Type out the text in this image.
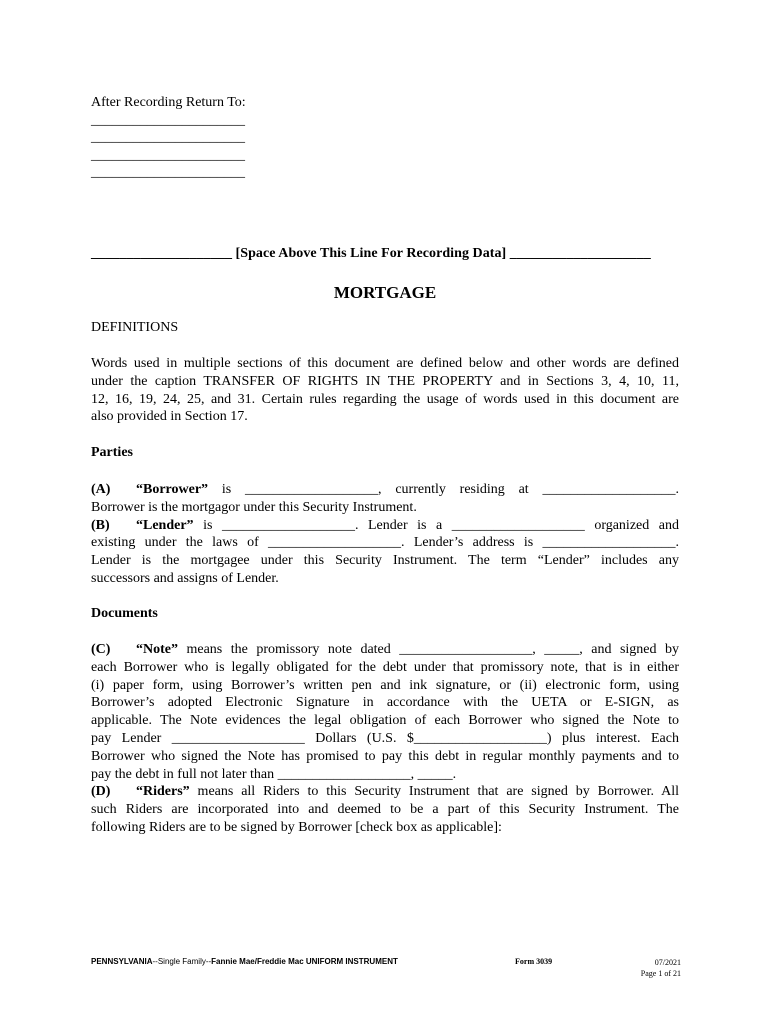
After Recording Return To:
______________________
______________________
______________________
______________________
____________________ [Space Above This Line For Recording Data] ____________________
MORTGAGE
DEFINITIONS
Words used in multiple sections of this document are defined below and other words are defined
under the caption TRANSFER OF RIGHTS IN THE PROPERTY and in Sections 3, 4, 10, 11,
12, 16, 19, 24, 25, and 31. Certain rules regarding the usage of words used in this document are
also provided in Section 17.
Parties
(A) “Borrower” is ___________________, currently residing at ___________________.
Borrower is the mortgagor under this Security Instrument.
(B) “Lender” is ___________________. Lender is a ___________________ organized and
existing under the laws of ___________________. Lender’s address is ___________________.
Lender is the mortgagee under this Security Instrument. The term “Lender” includes any
successors and assigns of Lender.
Documents
(C) “Note” means the promissory note dated ___________________, _____, and signed by
each Borrower who is legally obligated for the debt under that promissory note, that is in either
(i) paper form, using Borrower’s written pen and ink signature, or (ii) electronic form, using
Borrower’s adopted Electronic Signature in accordance with the UETA or E-SIGN, as
applicable. The Note evidences the legal obligation of each Borrower who signed the Note to
pay Lender ___________________ Dollars (U.S. $___________________) plus interest. Each
Borrower who signed the Note has promised to pay this debt in regular monthly payments and to
pay the debt in full not later than ___________________, _____.
(D) “Riders” means all Riders to this Security Instrument that are signed by Borrower. All
such Riders are incorporated into and deemed to be a part of this Security Instrument. The
following Riders are to be signed by Borrower [check box as applicable]:
PENNSYLVANIA--Single Family--Fannie Mae/Freddie Mac UNIFORM INSTRUMENT	Form 3039	07/2021
Page 1 of 21
